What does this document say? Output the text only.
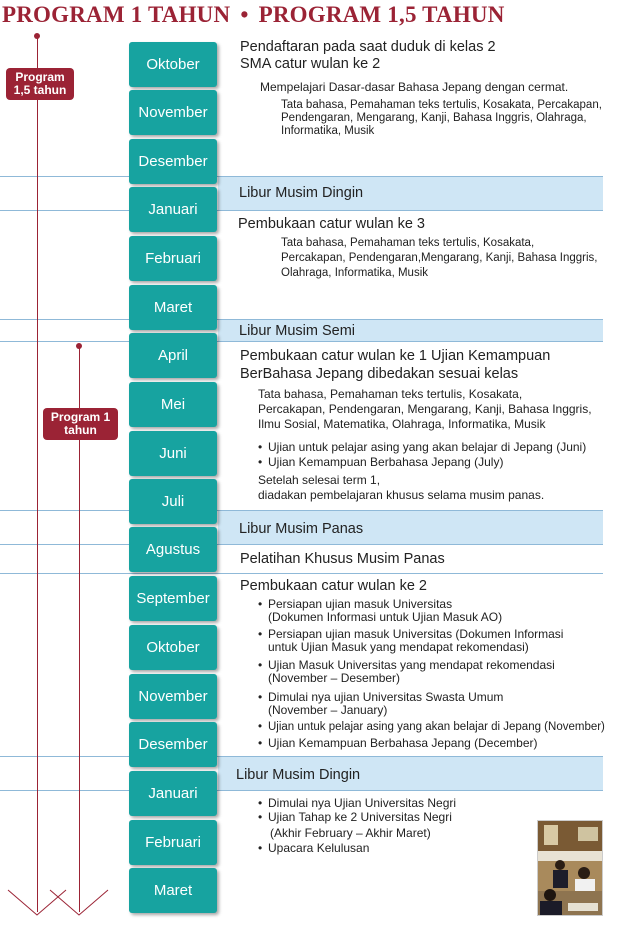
PROGRAM 1 TAHUN • PROGRAM 1,5 TAHUN
Libur Musim Dingin
Libur Musim Semi
Libur Musim Panas
Libur Musim Dingin
Program 1,5 tahun
Program 1 tahun
Oktober
November
Desember
Januari
Februari
Maret
April
Mei
Juni
Juli
Agustus
September
Oktober
November
Desember
Januari
Februari
Maret
Pendaftaran pada saat duduk di kelas 2
SMA catur wulan ke 2
Mempelajari Dasar-dasar Bahasa Jepang dengan cermat.
Tata bahasa, Pemahaman teks tertulis, Kosakata, Percakapan,
Pendengaran, Mengarang, Kanji, Bahasa Inggris, Olahraga,
Informatika, Musik
Pembukaan catur wulan ke 3
Tata bahasa, Pemahaman teks tertulis, Kosakata,
Percakapan, Pendengaran,Mengarang, Kanji, Bahasa Inggris,
Olahraga, Informatika, Musik
Pembukaan catur wulan ke 1 Ujian Kemampuan
BerBahasa Jepang dibedakan sesuai kelas
Tata bahasa, Pemahaman teks tertulis, Kosakata,
Percakapan, Pendengaran, Mengarang, Kanji, Bahasa Inggris,
Ilmu Sosial, Matematika, Olahraga, Informatika, Musik
• Ujian untuk pelajar asing yang akan belajar di Jepang (Juni)
• Ujian Kemampuan Berbahasa Jepang (July)
Setelah selesai term 1,
diadakan pembelajaran khusus selama musim panas.
Pelatihan Khusus Musim Panas
Pembukaan catur wulan ke 2
• Persiapan ujian masuk Universitas
(Dokumen Informasi untuk Ujian Masuk AO)
• Persiapan ujian masuk Universitas (Dokumen Informasi
untuk Ujian Masuk yang mendapat rekomendasi)
• Ujian Masuk Universitas yang mendapat rekomendasi
(November – Desember)
• Dimulai nya ujian Universitas Swasta Umum
(November – January)
• Ujian untuk pelajar asing yang akan belajar di Jepang (November)
• Ujian Kemampuan Berbahasa Jepang (December)
• Dimulai nya Ujian Universitas Negri
• Ujian Tahap ke 2 Universitas Negri
(Akhir February – Akhir Maret)
• Upacara Kelulusan
